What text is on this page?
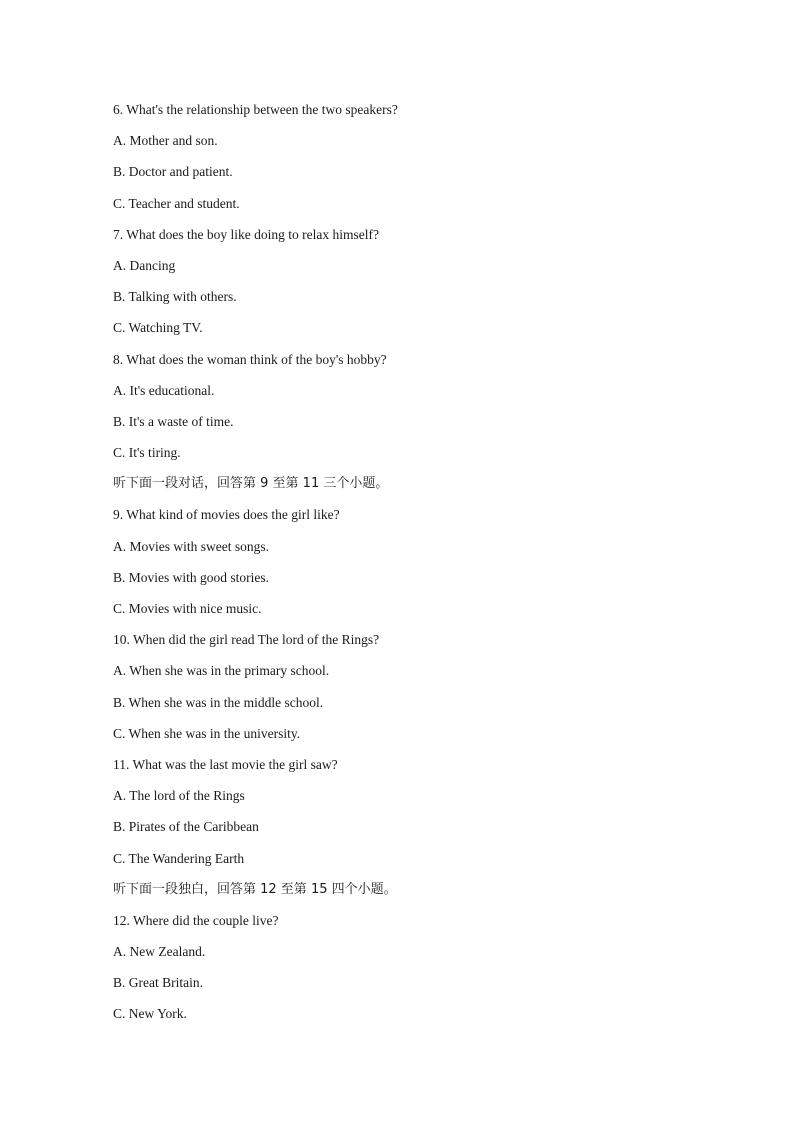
6. What's the relationship between the two speakers?
A. Mother and son.
B. Doctor and patient.
C. Teacher and student.
7. What does the boy like doing to relax himself?
A. Dancing
B. Talking with others.
C. Watching TV.
8. What does the woman think of the boy's hobby?
A. It's educational.
B. It's a waste of time.
C. It's tiring.
听下面一段对话，回答第 9 至第 11 三个小题。
9. What kind of movies does the girl like?
A. Movies with sweet songs.
B. Movies with good stories.
C. Movies with nice music.
10. When did the girl read The lord of the Rings?
A. When she was in the primary school.
B. When she was in the middle school.
C. When she was in the university.
11. What was the last movie the girl saw?
A. The lord of the Rings
B. Pirates of the Caribbean
C. The Wandering Earth
听下面一段独白，回答第 12 至第 15 四个小题。
12. Where did the couple live?
A. New Zealand.
B. Great Britain.
C. New York.
